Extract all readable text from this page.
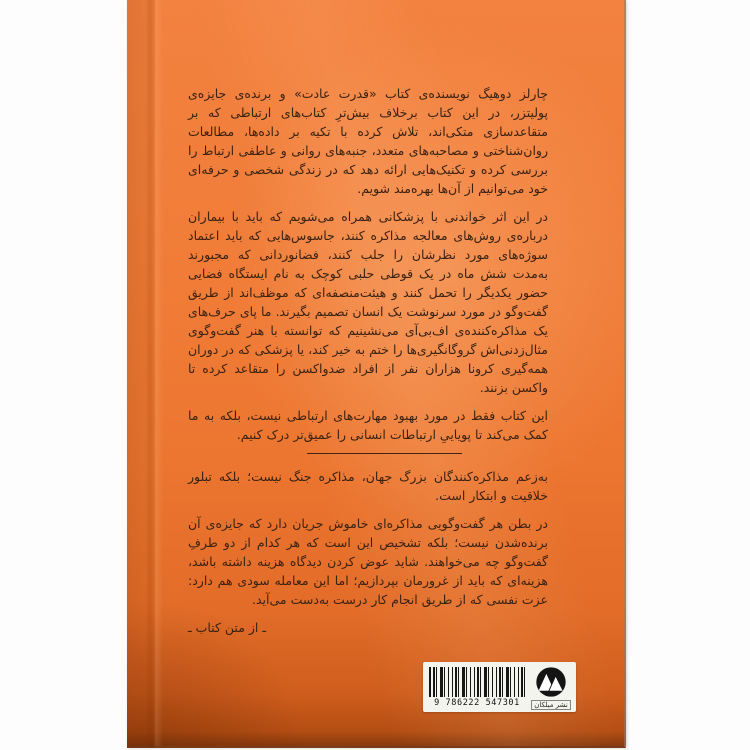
چارلز دوهیگ نویسنده‌ی کتاب «قدرت عادت» و برنده‌ی جایزه‌ی پولیتزر، در این کتاب برخلاف بیش‌ترِ کتاب‌های ارتباطی که بر متقاعدسازی متکی‌اند، تلاش کرده با تکیه بر داده‌ها، مطالعات روان‌شناختی و مصاحبه‌های متعدد، جنبه‌های روانی و عاطفی ارتباط را بررسی کرده و تکنیک‌هایی ارائه دهد که در زندگی شخصی و حرفه‌ای خود می‌توانیم از آن‌ها بهره‌مند شویم.

در این اثر خواندنی با پزشکانی همراه می‌شویم که باید با بیماران درباره‌ی روش‌های معالجه مذاکره کنند، جاسوس‌هایی که باید اعتماد سوژه‌های مورد نظرشان را جلب کنند، فضانوردانی که مجبورند به‌مدت شش ماه در یک قوطی حلبی کوچک به نام ایستگاه فضایی حضور یکدیگر را تحمل کنند و هیئت‌منصفه‌ای که موظف‌اند از طریق گفت‌وگو در مورد سرنوشت یک انسان تصمیم بگیرند. ما پای حرف‌های یک مذاکره‌کننده‌ی اف‌بی‌آی می‌نشینیم که توانسته با هنر گفت‌وگوی مثال‌زدنی‌اش گروگانگیری‌ها را ختم به خیر کند، یا پزشکی که در دوران همه‌گیری کرونا هزاران نفر از افراد ضدواکسن را متقاعد کرده تا واکسن بزنند.

این کتاب فقط در مورد بهبود مهارت‌های ارتباطی نیست، بلکه به ما کمک می‌کند تا پویاییِ ارتباطات انسانی را عمیق‌تر درک کنیم.

به‌زعم مذاکره‌کنندگان بزرگ جهان، مذاکره جنگ نیست؛ بلکه تبلور خلاقیت و ابتکار است.

در بطن هر گفت‌وگویی مذاکره‌ای خاموش جریان دارد که جایزه‌ی آن برنده‌شدن نیست؛ بلکه تشخیص این است که هر کدام از دو طرفِ گفت‌وگو چه می‌خواهند. شاید عوض کردن دیدگاه هزینه داشته باشد، هزینه‌ای که باید از غرورمان بپردازیم؛ اما این معامله سودی هم دارد: عزت نفسی که از طریق انجام کار درست به‌دست می‌آید.

ـ از متن کتاب ـ

9 786222 547301	نشر میلکان
